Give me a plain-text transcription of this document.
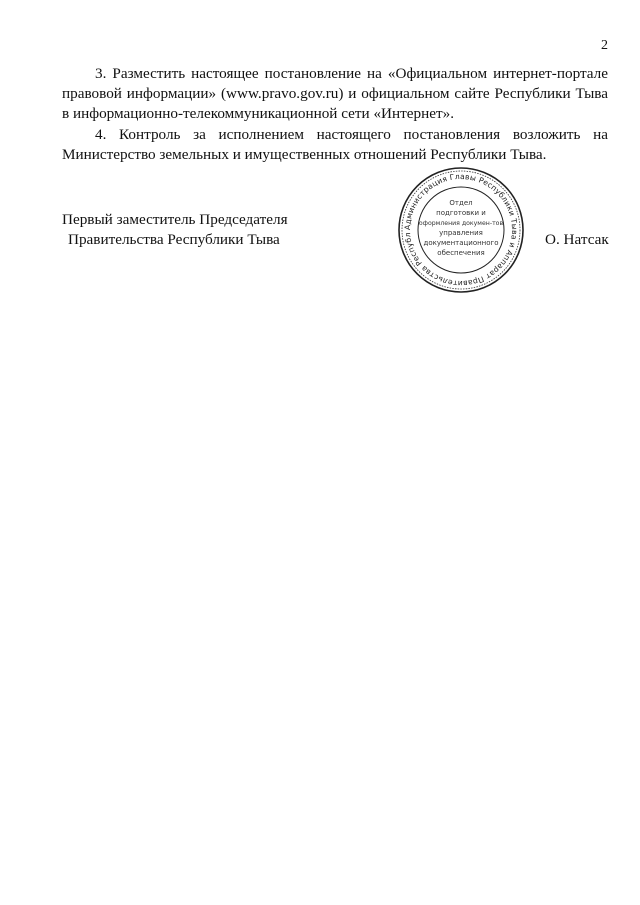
2

3. Разместить настоящее постановление на «Официальном интернет-портале правовой информации» (www.pravo.gov.ru) и официальном сайте Республики Тыва в информационно-телекоммуникационной сети «Интернет».

4. Контроль за исполнением настоящего постановления возложить на Министерство земельных и имущественных отношений Республики Тыва.

Первый заместитель Председателя
Правительства Республики Тыва	О. Натсак
Администрация Главы Республики Тыва и Аппарат Правительства Республ
Отдел
подготовки и
оформления докумен-тов
управления
документационного
обеспечения
